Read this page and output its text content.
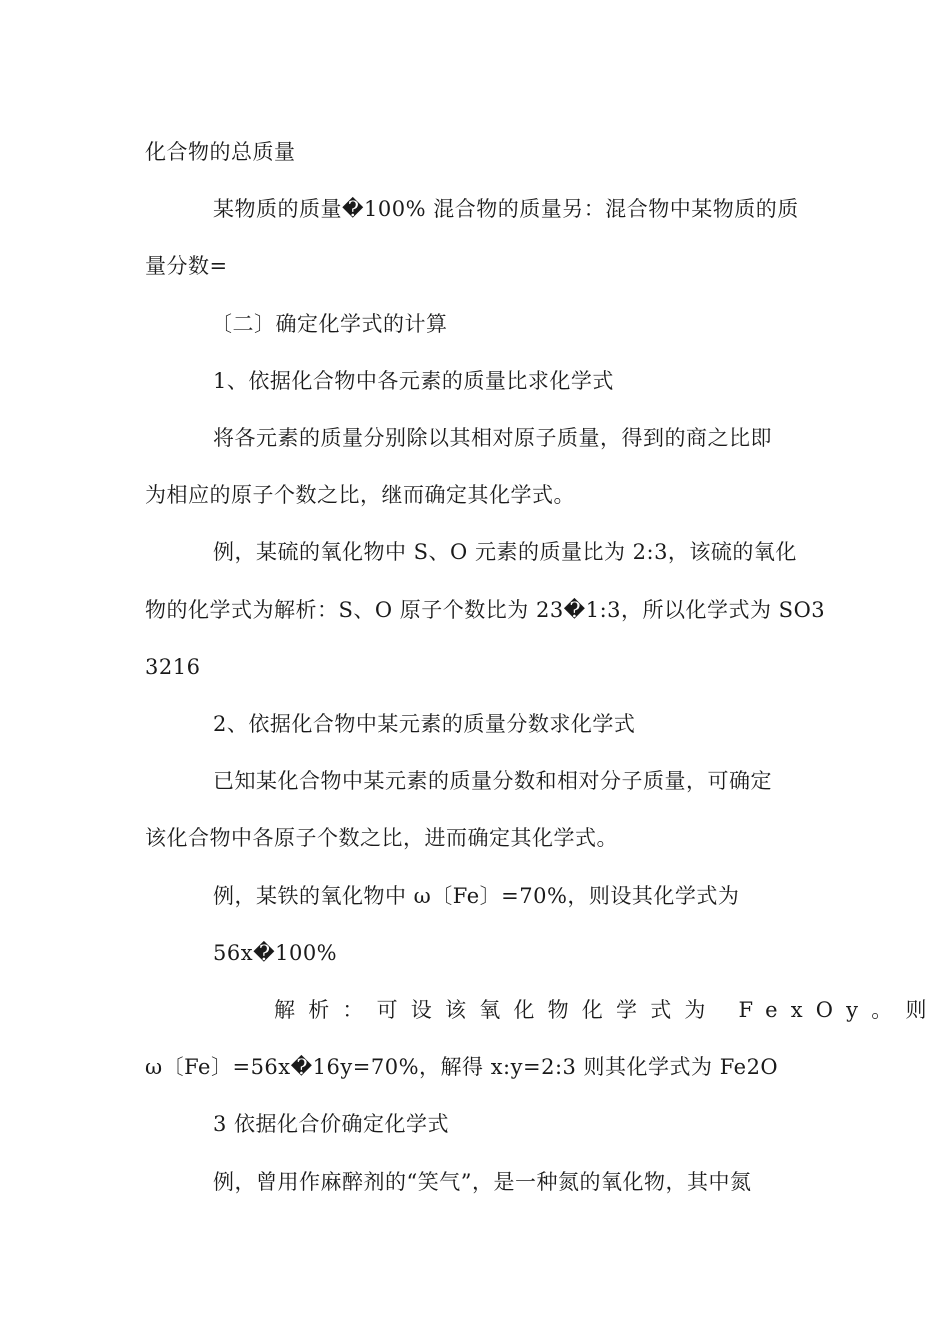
化合物的总质量
某物质的质量�100% 混合物的质量另：混合物中某物质的质
量分数=
〔二〕确定化学式的计算
1、依据化合物中各元素的质量比求化学式
将各元素的质量分别除以其相对原子质量，得到的商之比即
为相应的原子个数之比，继而确定其化学式。
例，某硫的氧化物中 S、O 元素的质量比为 2:3，该硫的氧化
物的化学式为解析：S、O 原子个数比为 23�1:3，所以化学式为 SO3
3216
2、依据化合物中某元素的质量分数求化学式
已知某化合物中某元素的质量分数和相对分子质量，可确定
该化合物中各原子个数之比，进而确定其化学式。
例，某铁的氧化物中 ω〔Fe〕=70%，则设其化学式为
56x�100%
解析：可设该氧化物化学式为 FexOy。则
ω〔Fe〕=56x�16y=70%，解得 x:y=2:3 则其化学式为 Fe2O
3 依据化合价确定化学式
例，曾用作麻醉剂的“笑气”，是一种氮的氧化物，其中氮
